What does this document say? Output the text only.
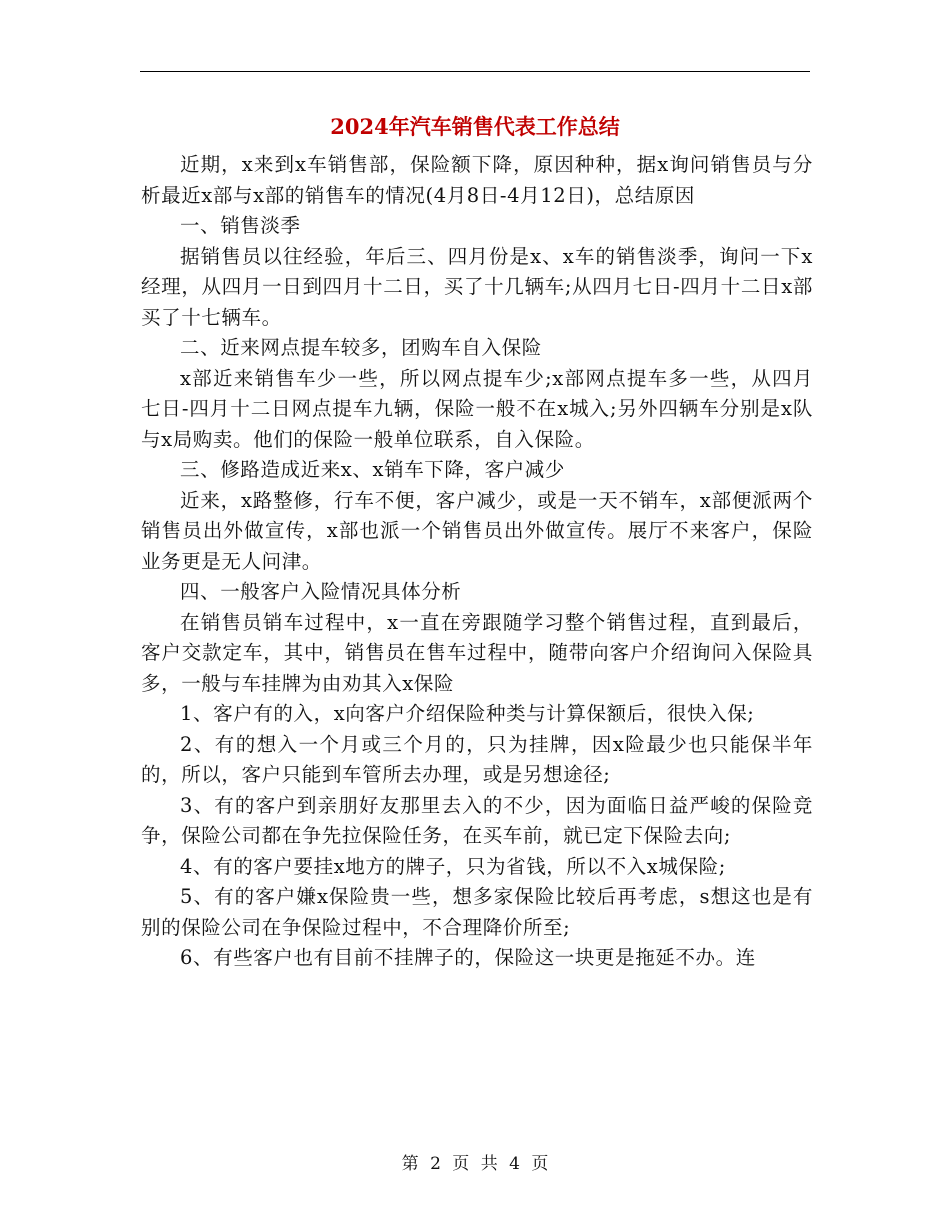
2024年汽车销售代表工作总结

近期，x来到x车销售部，保险额下降，原因种种，据x询问销售员与分析最近x部与x部的销售车的情况(4月8日-4月12日)，总结原因

一、销售淡季

据销售员以往经验，年后三、四月份是x、x车的销售淡季，询问一下x经理，从四月一日到四月十二日，买了十几辆车;从四月七日-四月十二日x部买了十七辆车。

二、近来网点提车较多，团购车自入保险

x部近来销售车少一些，所以网点提车少;x部网点提车多一些，从四月七日-四月十二日网点提车九辆，保险一般不在x城入;另外四辆车分别是x队与x局购卖。他们的保险一般单位联系，自入保险。

三、修路造成近来x、x销车下降，客户减少

近来，x路整修，行车不便，客户减少，或是一天不销车，x部便派两个销售员出外做宣传，x部也派一个销售员出外做宣传。展厅不来客户，保险业务更是无人问津。

四、一般客户入险情况具体分析

在销售员销车过程中，x一直在旁跟随学习整个销售过程，直到最后，客户交款定车，其中，销售员在售车过程中，随带向客户介绍询问入保险具多，一般与车挂牌为由劝其入x保险

1、客户有的入，x向客户介绍保险种类与计算保额后，很快入保;

2、有的想入一个月或三个月的，只为挂牌，因x险最少也只能保半年的，所以，客户只能到车管所去办理，或是另想途径;

3、有的客户到亲朋好友那里去入的不少，因为面临日益严峻的保险竞争，保险公司都在争先拉保险任务，在买车前，就已定下保险去向;

4、有的客户要挂x地方的牌子，只为省钱，所以不入x城保险;

5、有的客户嫌x保险贵一些，想多家保险比较后再考虑，s想这也是有别的保险公司在争保险过程中，不合理降价所至;

6、有些客户也有目前不挂牌子的，保险这一块更是拖延不办。连

第 2 页 共 4 页
